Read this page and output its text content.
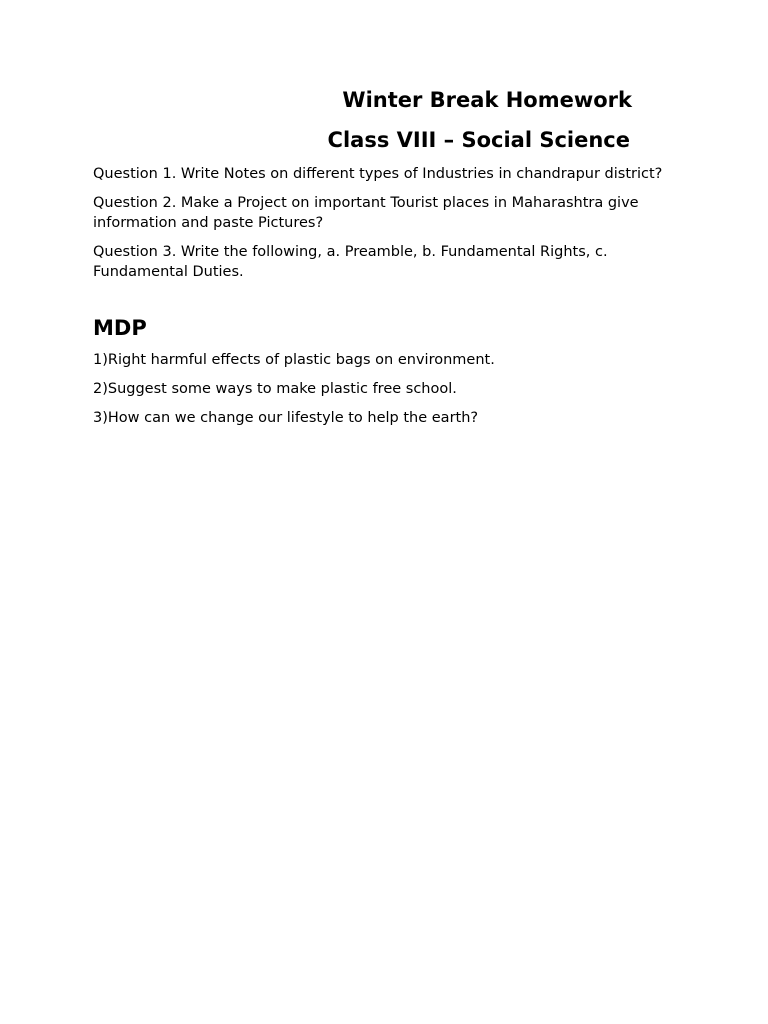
Winter Break Homework
Class VIII – Social Science

Question 1. Write Notes on different types of Industries in chandrapur district?

Question 2. Make a Project on important Tourist places in Maharashtra give information and paste Pictures?

Question 3. Write the following, a. Preamble, b. Fundamental Rights, c. Fundamental Duties.

MDP

1)Right harmful effects of plastic bags on environment.

2)Suggest some ways to make plastic free school.

3)How can we change our lifestyle to help the earth?
